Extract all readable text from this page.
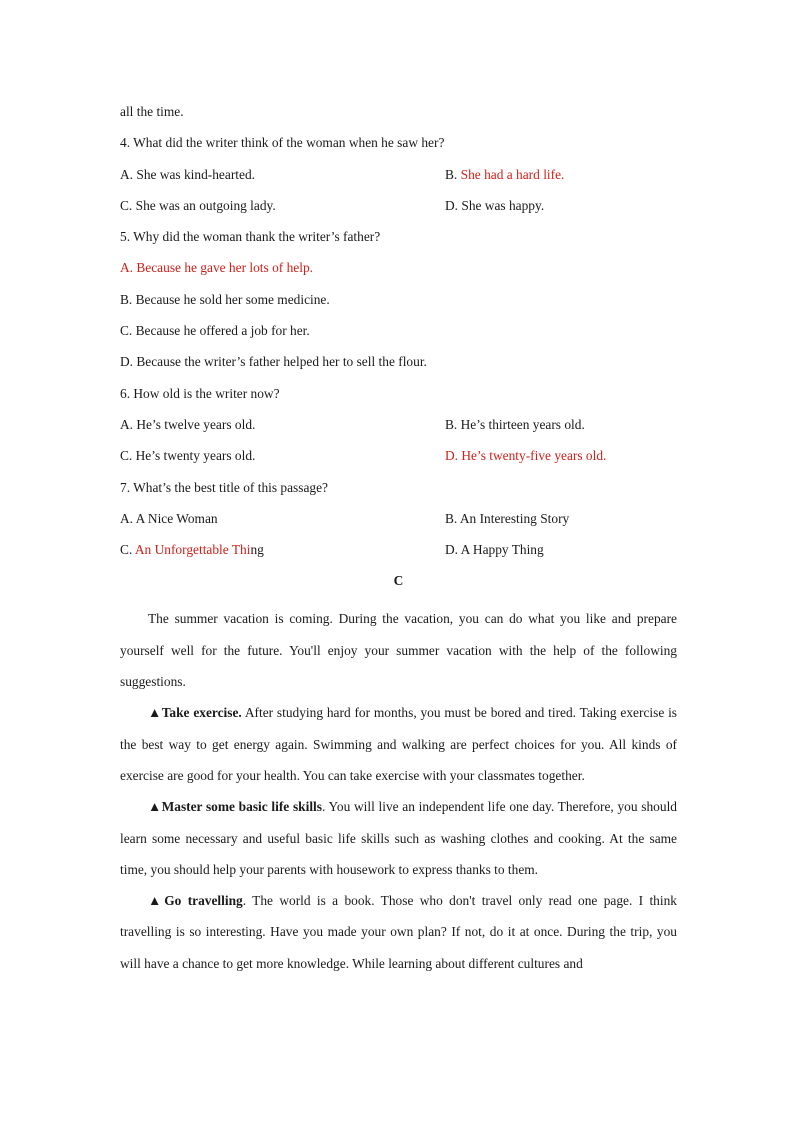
all the time.
4. What did the writer think of the woman when he saw her?
A. She was kind-hearted.	B. She had a hard life.
C. She was an outgoing lady.	D. She was happy.
5. Why did the woman thank the writer’s father?
A. Because he gave her lots of help.
B. Because he sold her some medicine.
C. Because he offered a job for her.
D. Because the writer’s father helped her to sell the flour.
6. How old is the writer now?
A. He’s twelve years old.	B. He’s thirteen years old.
C. He’s twenty years old.	D. He’s twenty-five years old.
7. What’s the best title of this passage?
A. A Nice Woman	B. An Interesting Story
C. An Unforgettable Thing	D. A Happy Thing
C

The summer vacation is coming. During the vacation, you can do what you like and prepare yourself well for the future. You'll enjoy your summer vacation with the help of the following suggestions.

▲Take exercise. After studying hard for months, you must be bored and tired. Taking exercise is the best way to get energy again. Swimming and walking are perfect choices for you. All kinds of exercise are good for your health. You can take exercise with your classmates together.

▲Master some basic life skills. You will live an independent life one day. Therefore, you should learn some necessary and useful basic life skills such as washing clothes and cooking. At the same time, you should help your parents with housework to express thanks to them.

▲Go travelling. The world is a book. Those who don't travel only read one page. I think travelling is so interesting. Have you made your own plan? If not, do it at once. During the trip, you will have a chance to get more knowledge. While learning about different cultures and
